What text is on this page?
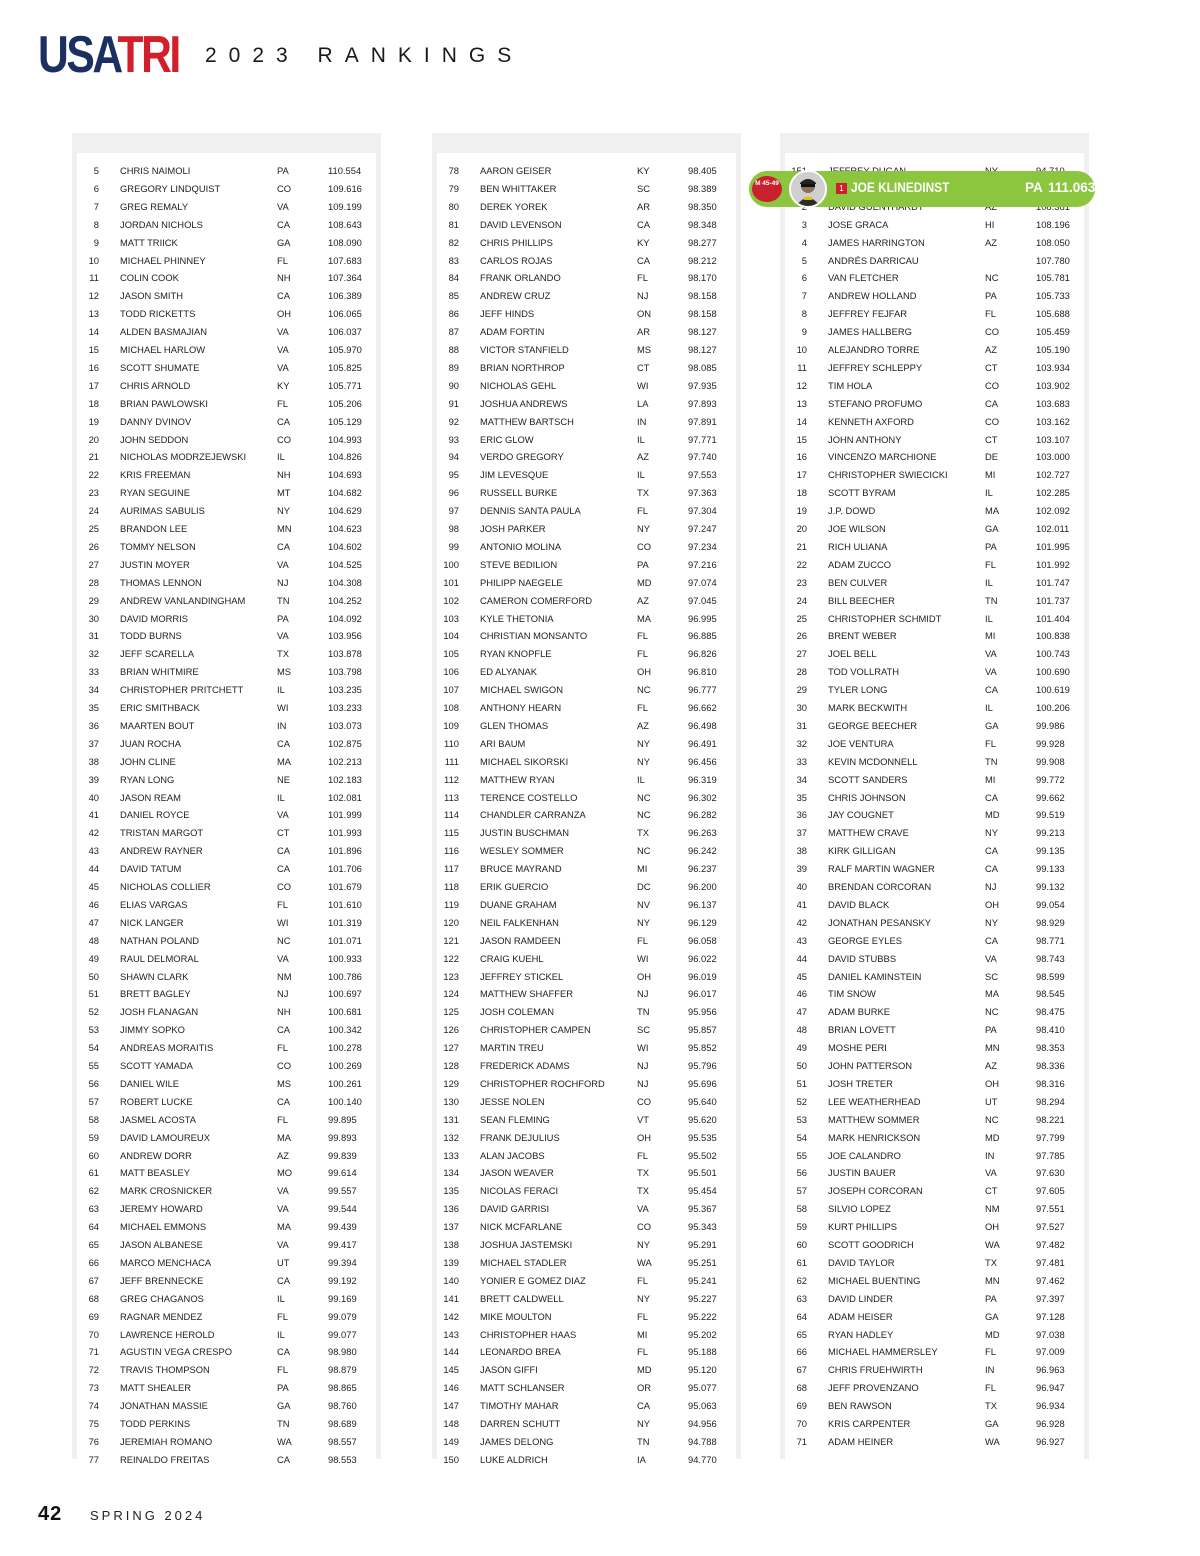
USATRI 2023 RANKINGS
5 CHRIS NAIMOLI	PA	110.554
6 GREGORY LINDQUIST	CO	109.616
7 GREG REMALY	VA	109.199
8 JORDAN NICHOLS	CA	108.643
9 MATT TRIICK	GA	108.090
10 MICHAEL PHINNEY	FL	107.683
11 COLIN COOK	NH	107.364
12 JASON SMITH	CA	106.389
13 TODD RICKETTS	OH	106.065
14 ALDEN BASMAJIAN	VA	106.037
15 MICHAEL HARLOW	VA	105.970
16 SCOTT SHUMATE	VA	105.825
17 CHRIS ARNOLD	KY	105.771
18 BRIAN PAWLOWSKI	FL	105.206
19 DANNY DVINOV	CA	105.129
20 JOHN SEDDON	CO	104.993
21 NICHOLAS MODRZEJEWSKI	IL	104.826
22 KRIS FREEMAN	NH	104.693
23 RYAN SEGUINE	MT	104.682
24 AURIMAS SABULIS	NY	104.629
25 BRANDON LEE	MN	104.623
26 TOMMY NELSON	CA	104.602
27 JUSTIN MOYER	VA	104.525
28 THOMAS LENNON	NJ	104.308
29 ANDREW VANLANDINGHAM	TN	104.252
30 DAVID MORRIS	PA	104.092
31 TODD BURNS	VA	103.956
32 JEFF SCARELLA	TX	103.878
33 BRIAN WHITMIRE	MS	103.798
34 CHRISTOPHER PRITCHETT	IL	103.235
35 ERIC SMITHBACK	WI	103.233
36 MAARTEN BOUT	IN	103.073
37 JUAN ROCHA	CA	102.875
38 JOHN CLINE	MA	102.213
39 RYAN LONG	NE	102.183
40 JASON REAM	IL	102.081
41 DANIEL ROYCE	VA	101.999
42 TRISTAN MARGOT	CT	101.993
43 ANDREW RAYNER	CA	101.896
44 DAVID TATUM	CA	101.706
45 NICHOLAS COLLIER	CO	101.679
46 ELIAS VARGAS	FL	101.610
47 NICK LANGER	WI	101.319
48 NATHAN POLAND	NC	101.071
49 RAUL DELMORAL	VA	100.933
50 SHAWN CLARK	NM	100.786
51 BRETT BAGLEY	NJ	100.697
52 JOSH FLANAGAN	NH	100.681
53 JIMMY SOPKO	CA	100.342
54 ANDREAS MORAITIS	FL	100.278
55 SCOTT YAMADA	CO	100.269
56 DANIEL WILE	MS	100.261
57 ROBERT LUCKE	CA	100.140
58 JASMEL ACOSTA	FL	99.895
59 DAVID LAMOUREUX	MA	99.893
60 ANDREW DORR	AZ	99.839
61 MATT BEASLEY	MO	99.614
62 MARK CROSNICKER	VA	99.557
63 JEREMY HOWARD	VA	99.544
64 MICHAEL EMMONS	MA	99.439
65 JASON ALBANESE	VA	99.417
66 MARCO MENCHACA	UT	99.394
67 JEFF BRENNECKE	CA	99.192
68 GREG CHAGANOS	IL	99.169
69 RAGNAR MENDEZ	FL	99.079
70 LAWRENCE HEROLD	IL	99.077
71 AGUSTIN VEGA CRESPO	CA	98.980
72 TRAVIS THOMPSON	FL	98.879
73 MATT SHEALER	PA	98.865
74 JONATHAN MASSIE	GA	98.760
75 TODD PERKINS	TN	98.689
76 JEREMIAH ROMANO	WA	98.557
77 REINALDO FREITAS	CA	98.553
78 AARON GEISER	KY	98.405
79 BEN WHITTAKER	SC	98.389
80 DEREK YOREK	AR	98.350
81 DAVID LEVENSON	CA	98.348
82 CHRIS PHILLIPS	KY	98.277
83 CARLOS ROJAS	CA	98.212
84 FRANK ORLANDO	FL	98.170
85 ANDREW CRUZ	NJ	98.158
86 JEFF HINDS	ON	98.158
87 ADAM FORTIN	AR	98.127
88 VICTOR STANFIELD	MS	98.127
89 BRIAN NORTHROP	CT	98.085
90 NICHOLAS GEHL	WI	97.935
91 JOSHUA ANDREWS	LA	97.893
92 MATTHEW BARTSCH	IN	97.891
93 ERIC GLOW	IL	97.771
94 VERDO GREGORY	AZ	97.740
95 JIM LEVESQUE	IL	97.553
96 RUSSELL BURKE	TX	97.363
97 DENNIS SANTA PAULA	FL	97.304
98 JOSH PARKER	NY	97.247
99 ANTONIO MOLINA	CO	97.234
100 STEVE BEDILION	PA	97.216
101 PHILIPP NAEGELE	MD	97.074
102 CAMERON COMERFORD	AZ	97.045
103 KYLE THETONIA	MA	96.995
104 CHRISTIAN MONSANTO	FL	96.885
105 RYAN KNOPFLE	FL	96.826
106 ED ALYANAK	OH	96.810
107 MICHAEL SWIGON	NC	96.777
108 ANTHONY HEARN	FL	96.662
109 GLEN THOMAS	AZ	96.498
110 ARI BAUM	NY	96.491
111 MICHAEL SIKORSKI	NY	96.456
112 MATTHEW RYAN	IL	96.319
113 TERENCE COSTELLO	NC	96.302
114 CHANDLER CARRANZA	NC	96.282
115 JUSTIN BUSCHMAN	TX	96.263
116 WESLEY SOMMER	NC	96.242
117 BRUCE MAYRAND	MI	96.237
118 ERIK GUERCIO	DC	96.200
119 DUANE GRAHAM	NV	96.137
120 NEIL FALKENHAN	NY	96.129
121 JASON RAMDEEN	FL	96.058
122 CRAIG KUEHL	WI	96.022
123 JEFFREY STICKEL	OH	96.019
124 MATTHEW SHAFFER	NJ	96.017
125 JOSH COLEMAN	TN	95.956
126 CHRISTOPHER CAMPEN	SC	95.857
127 MARTIN TREU	WI	95.852
128 FREDERICK ADAMS	NJ	95.796
129 CHRISTOPHER ROCHFORD	NJ	95.696
130 JESSE NOLEN	CO	95.640
131 SEAN FLEMING	VT	95.620
132 FRANK DEJULIUS	OH	95.535
133 ALAN JACOBS	FL	95.502
134 JASON WEAVER	TX	95.501
135 NICOLAS FERACI	TX	95.454
136 DAVID GARRISI	VA	95.367
137 NICK MCFARLANE	CO	95.343
138 JOSHUA JASTEMSKI	NY	95.291
139 MICHAEL STADLER	WA	95.251
140 YONIER E GOMEZ DIAZ	FL	95.241
141 BRETT CALDWELL	NY	95.227
142 MIKE MOULTON	FL	95.222
143 CHRISTOPHER HAAS	MI	95.202
144 LEONARDO BREA	FL	95.188
145 JASON GIFFI	MD	95.120
146 MATT SCHLANSER	OR	95.077
147 TIMOTHY MAHAR	CA	95.063
148 DARREN SCHUTT	NY	94.956
149 JAMES DELONG	TN	94.788
150 LUKE ALDRICH	IA	94.770
3 JOSE GRACA	HI	108.196
4 JAMES HARRINGTON	AZ	108.050
5 ANDRÉS DARRICAU	107.780
6 VAN FLETCHER	NC	105.781
7 ANDREW HOLLAND	PA	105.733
8 JEFFREY FEJFAR	FL	105.688
9 JAMES HALLBERG	CO	105.459
10 ALEJANDRO TORRE	AZ	105.190
11 JEFFREY SCHLEPPY	CT	103.934
12 TIM HOLA	CO	103.902
13 STEFANO PROFUMO	CA	103.683
14 KENNETH AXFORD	CO	103.162
15 JOHN ANTHONY	CT	103.107
16 VINCENZO MARCHIONE	DE	103.000
17 CHRISTOPHER SWIECICKI	MI	102.727
18 SCOTT BYRAM	IL	102.285
19 J.P. DOWD	MA	102.092
20 JOE WILSON	GA	102.011
21 RICH ULIANA	PA	101.995
22 ADAM ZUCCO	FL	101.992
23 BEN CULVER	IL	101.747
24 BILL BEECHER	TN	101.737
25 CHRISTOPHER SCHMIDT	IL	101.404
26 BRENT WEBER	MI	100.838
27 JOEL BELL	VA	100.743
28 TOD VOLLRATH	VA	100.690
29 TYLER LONG	CA	100.619
30 MARK BECKWITH	IL	100.206
31 GEORGE BEECHER	GA	99.986
32 JOE VENTURA	FL	99.928
33 KEVIN MCDONNELL	TN	99.908
34 SCOTT SANDERS	MI	99.772
35 CHRIS JOHNSON	CA	99.662
36 JAY COUGNET	MD	99.519
37 MATTHEW CRAVE	NY	99.213
38 KIRK GILLIGAN	CA	99.135
39 RALF MARTIN WAGNER	CA	99.133
40 BRENDAN CORCORAN	NJ	99.132
41 DAVID BLACK	OH	99.054
42 JONATHAN PESANSKY	NY	98.929
43 GEORGE EYLES	CA	98.771
44 DAVID STUBBS	VA	98.743
45 DANIEL KAMINSTEIN	SC	98.599
46 TIM SNOW	MA	98.545
47 ADAM BURKE	NC	98.475
48 BRIAN LOVETT	PA	98.410
49 MOSHE PERI	MN	98.353
50 JOHN PATTERSON	AZ	98.336
51 JOSH TRETER	OH	98.316
52 LEE WEATHERHEAD	UT	98.294
53 MATTHEW SOMMER	NC	98.221
54 MARK HENRICKSON	MD	97.799
55 JOE CALANDRO	IN	97.785
56 JUSTIN BAUER	VA	97.630
57 JOSEPH CORCORAN	CT	97.605
58 SILVIO LOPEZ	NM	97.551
59 KURT PHILLIPS	OH	97.527
60 SCOTT GOODRICH	WA	97.482
61 DAVID TAYLOR	TX	97.481
62 MICHAEL BUENTING	MN	97.462
63 DAVID LINDER	PA	97.397
64 ADAM HEISER	GA	97.128
65 RYAN HADLEY	MD	97.038
66 MICHAEL HAMMERSLEY	FL	97.009
67 CHRIS FRUEHWIRTH	IN	96.963
68 JEFF PROVENZANO	FL	96.947
69 BEN RAWSON	TX	96.934
70 KRIS CARPENTER	GA	96.928
71 ADAM HEINER	WA	96.927
M 45-49
1 JOE KLINEDINST	PA 111.063
42 SPRING 2024
